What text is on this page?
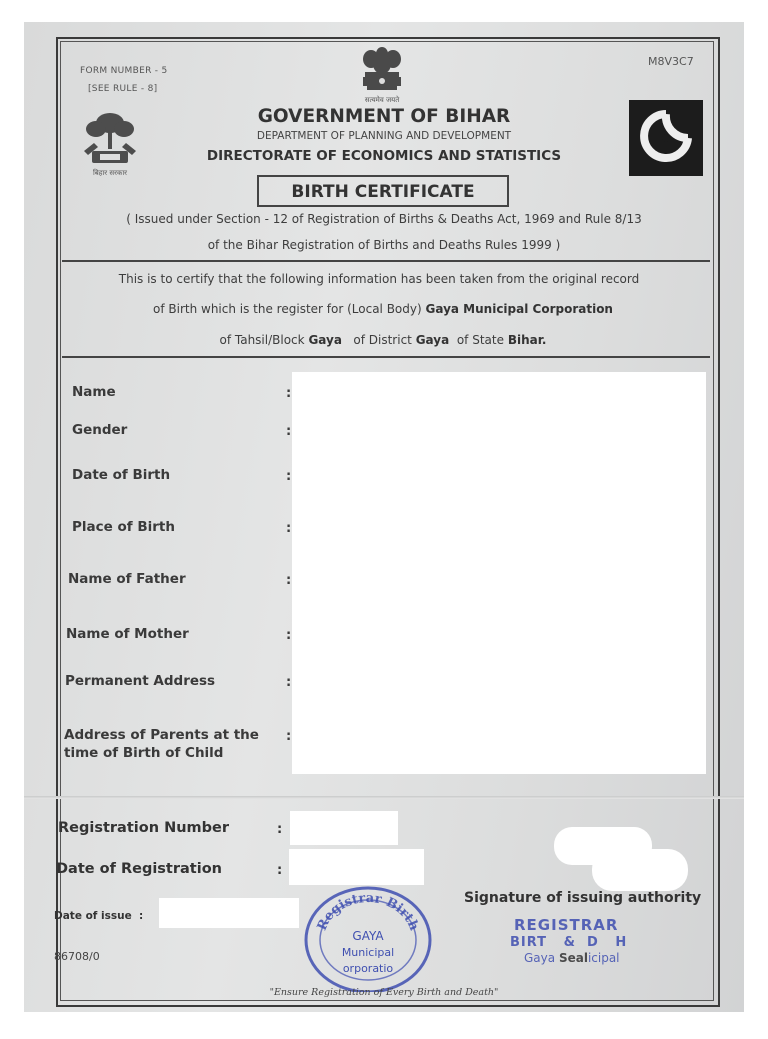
FORM NUMBER - 5
[SEE RULE - 8]
M8V3C7
सत्यमेव जयते
बिहार सरकार
GOVERNMENT OF BIHAR
DEPARTMENT OF PLANNING AND DEVELOPMENT
DIRECTORATE OF ECONOMICS AND STATISTICS
BIRTH CERTIFICATE
( Issued under Section - 12 of Registration of Births & Deaths Act, 1969 and Rule 8/13
of the Bihar Registration of Births and Deaths Rules 1999 )
This is to certify that the following information has been taken from the original record
of Birth which is the register for (Local Body) Gaya Municipal Corporation
of Tahsil/Block Gaya of District Gaya of State Bihar.
Name	:
Gender	:
Date of Birth	:
Place of Birth	:
Name of Father	:
Name of Mother	:
Permanent Address	:
Address of Parents at the
time of Birth of Child
:
Registration Number	:
Date of Registration	:
Date of issue :
86708/0
Registrar Birth
GAYA
Municipal
orporatio
Signature of issuing authority
REGISTRAR
BIRT   &  D   H
Gaya Sealicipal
"Ensure Registration of Every Birth and Death"
